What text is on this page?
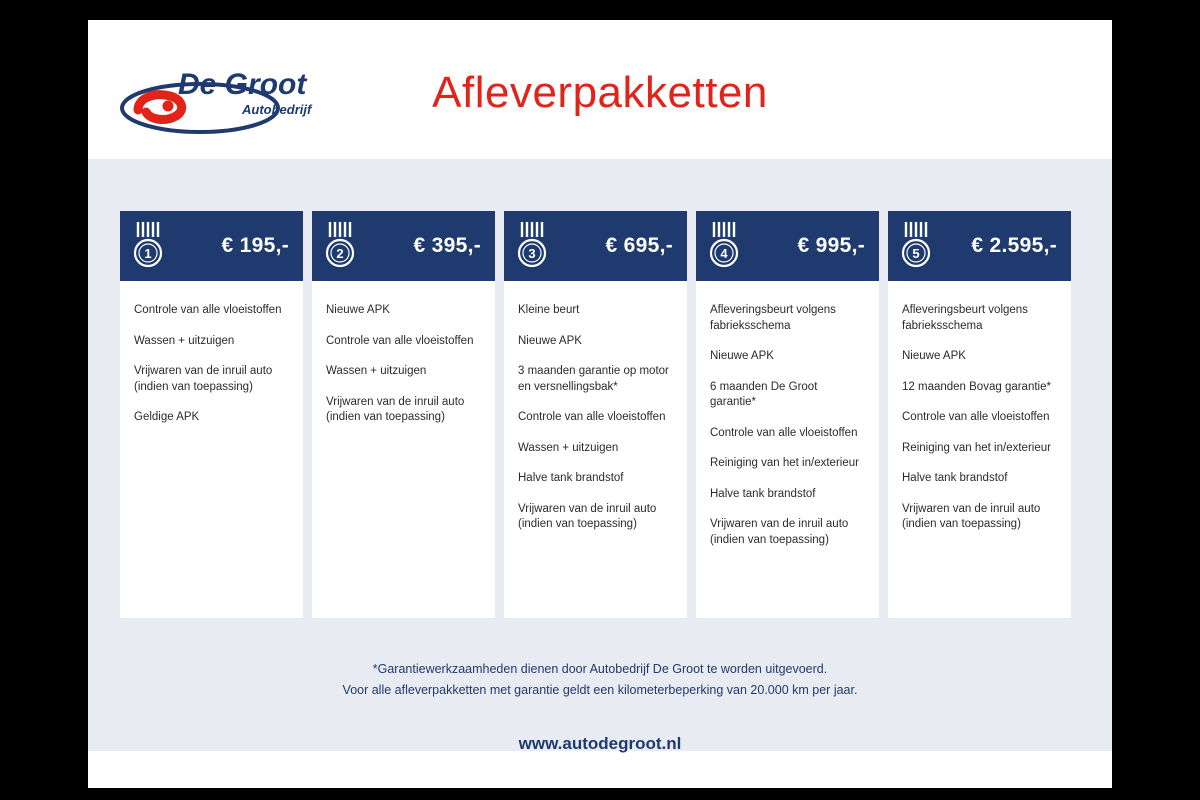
De Groot
Autobedrijf	Afleverpakketten
1	€ 195,-
Controle van alle vloeistoffen
Wassen + uitzuigen
Vrijwaren van de inruil auto (indien van toepassing)
Geldige APK
2	€ 395,-
Nieuwe APK
Controle van alle vloeistoffen
Wassen + uitzuigen
Vrijwaren van de inruil auto (indien van toepassing)
3	€ 695,-
Kleine beurt
Nieuwe APK
3 maanden garantie op motor en versnellingsbak*
Controle van alle vloeistoffen
Wassen + uitzuigen
Halve tank brandstof
Vrijwaren van de inruil auto (indien van toepassing)
4	€ 995,-
Afleveringsbeurt volgens fabrieksschema
Nieuwe APK
6 maanden De Groot garantie*
Controle van alle vloeistoffen
Reiniging van het in/exterieur
Halve tank brandstof
Vrijwaren van de inruil auto (indien van toepassing)
5	€ 2.595,-
Afleveringsbeurt volgens fabrieksschema
Nieuwe APK
12 maanden Bovag garantie*
Controle van alle vloeistoffen
Reiniging van het in/exterieur
Halve tank brandstof
Vrijwaren van de inruil auto (indien van toepassing)
*Garantiewerkzaamheden dienen door Autobedrijf De Groot te worden uitgevoerd.
Voor alle afleverpakketten met garantie geldt een kilometerbeperking van 20.000 km per jaar.
www.autodegroot.nl
